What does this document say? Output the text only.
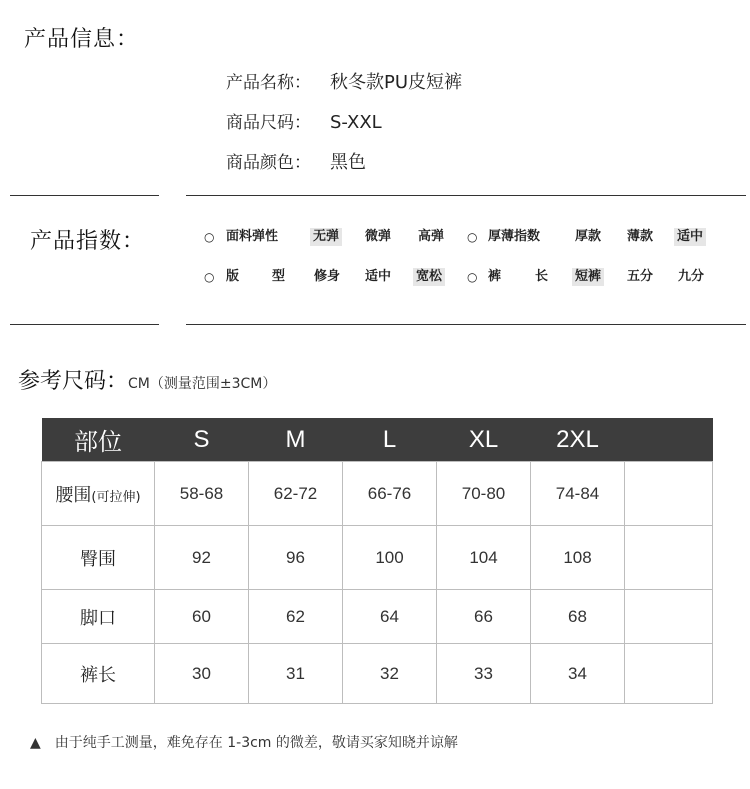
产品信息：
产品名称： 秋冬款PU皮短裤
商品尺码： S-XXL
商品颜色： 黑色
产品指数：	○ 面料弹性	无弹 微弹 高弹 ○ 厚薄指数	厚款 薄款 适中
○ 版	型 修身 适中 宽松 ○ 裤	长 短裤 五分 九分
参考尺码：CM（测量范围±3CM）
部位	S	M	L	XL	2XL	
腰围(可拉伸)	58-68	62-72	66-76	70-80	74-84	
臀围	92	96	100	104	108	
脚口	60	62	64	66	68	
裤长	30	31	32	33	34	
▲ 由于纯手工测量，难免存在 1-3cm 的微差，敬请买家知晓并谅解
